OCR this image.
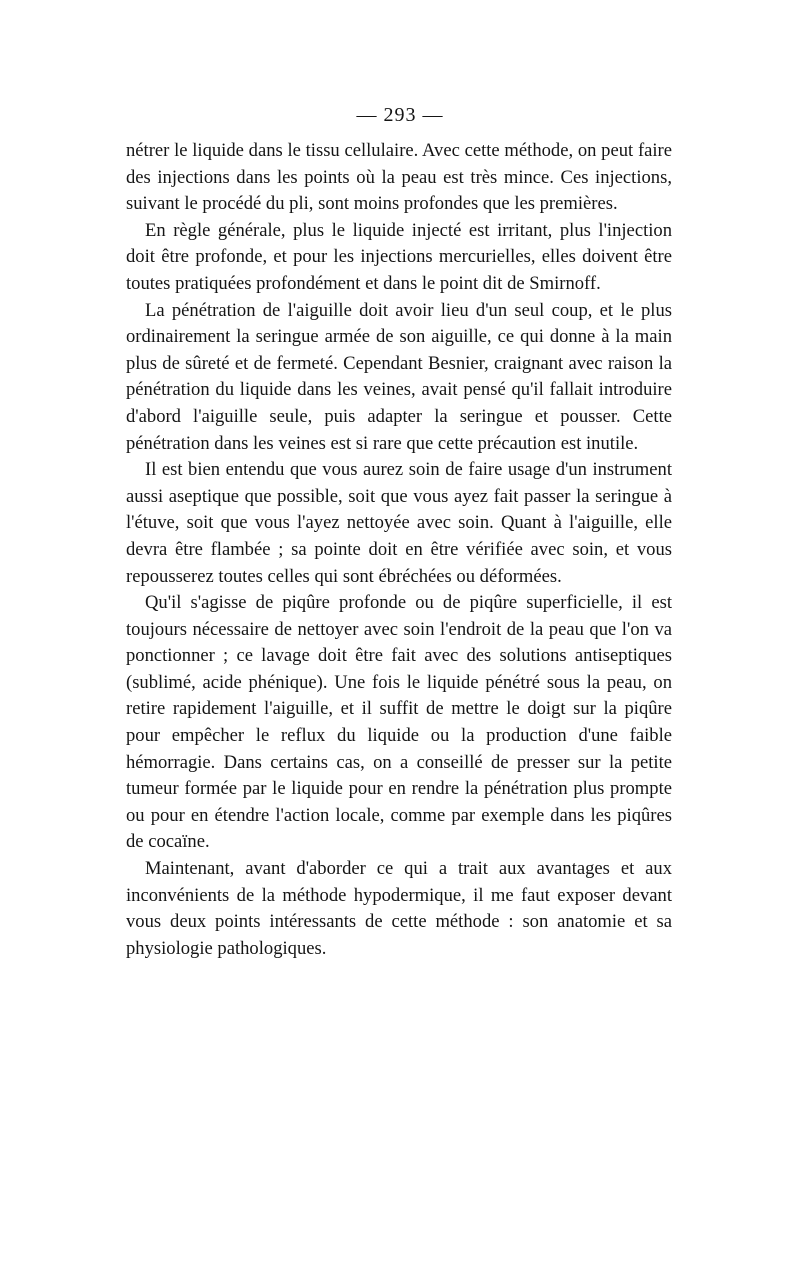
— 293 —

nétrer le liquide dans le tissu cellulaire. Avec cette méthode, on peut faire des injections dans les points où la peau est très mince. Ces injections, suivant le procédé du pli, sont moins profondes que les premières.

En règle générale, plus le liquide injecté est irritant, plus l'injection doit être profonde, et pour les injections mercurielles, elles doivent être toutes pratiquées profondément et dans le point dit de Smirnoff.

La pénétration de l'aiguille doit avoir lieu d'un seul coup, et le plus ordinairement la seringue armée de son aiguille, ce qui donne à la main plus de sûreté et de fermeté. Cependant Besnier, craignant avec raison la pénétration du liquide dans les veines, avait pensé qu'il fallait introduire d'abord l'aiguille seule, puis adapter la seringue et pousser. Cette pénétration dans les veines est si rare que cette précaution est inutile.

Il est bien entendu que vous aurez soin de faire usage d'un instrument aussi aseptique que possible, soit que vous ayez fait passer la seringue à l'étuve, soit que vous l'ayez nettoyée avec soin. Quant à l'aiguille, elle devra être flambée ; sa pointe doit en être vérifiée avec soin, et vous repousserez toutes celles qui sont ébréchées ou déformées.

Qu'il s'agisse de piqûre profonde ou de piqûre superficielle, il est toujours nécessaire de nettoyer avec soin l'endroit de la peau que l'on va ponctionner ; ce lavage doit être fait avec des solutions antiseptiques (sublimé, acide phénique). Une fois le liquide pénétré sous la peau, on retire rapidement l'aiguille, et il suffit de mettre le doigt sur la piqûre pour empêcher le reflux du liquide ou la production d'une faible hémorragie. Dans certains cas, on a conseillé de presser sur la petite tumeur formée par le liquide pour en rendre la pénétration plus prompte ou pour en étendre l'action locale, comme par exemple dans les piqûres de cocaïne.

Maintenant, avant d'aborder ce qui a trait aux avantages et aux inconvénients de la méthode hypodermique, il me faut exposer devant vous deux points intéressants de cette méthode : son anatomie et sa physiologie pathologiques.
